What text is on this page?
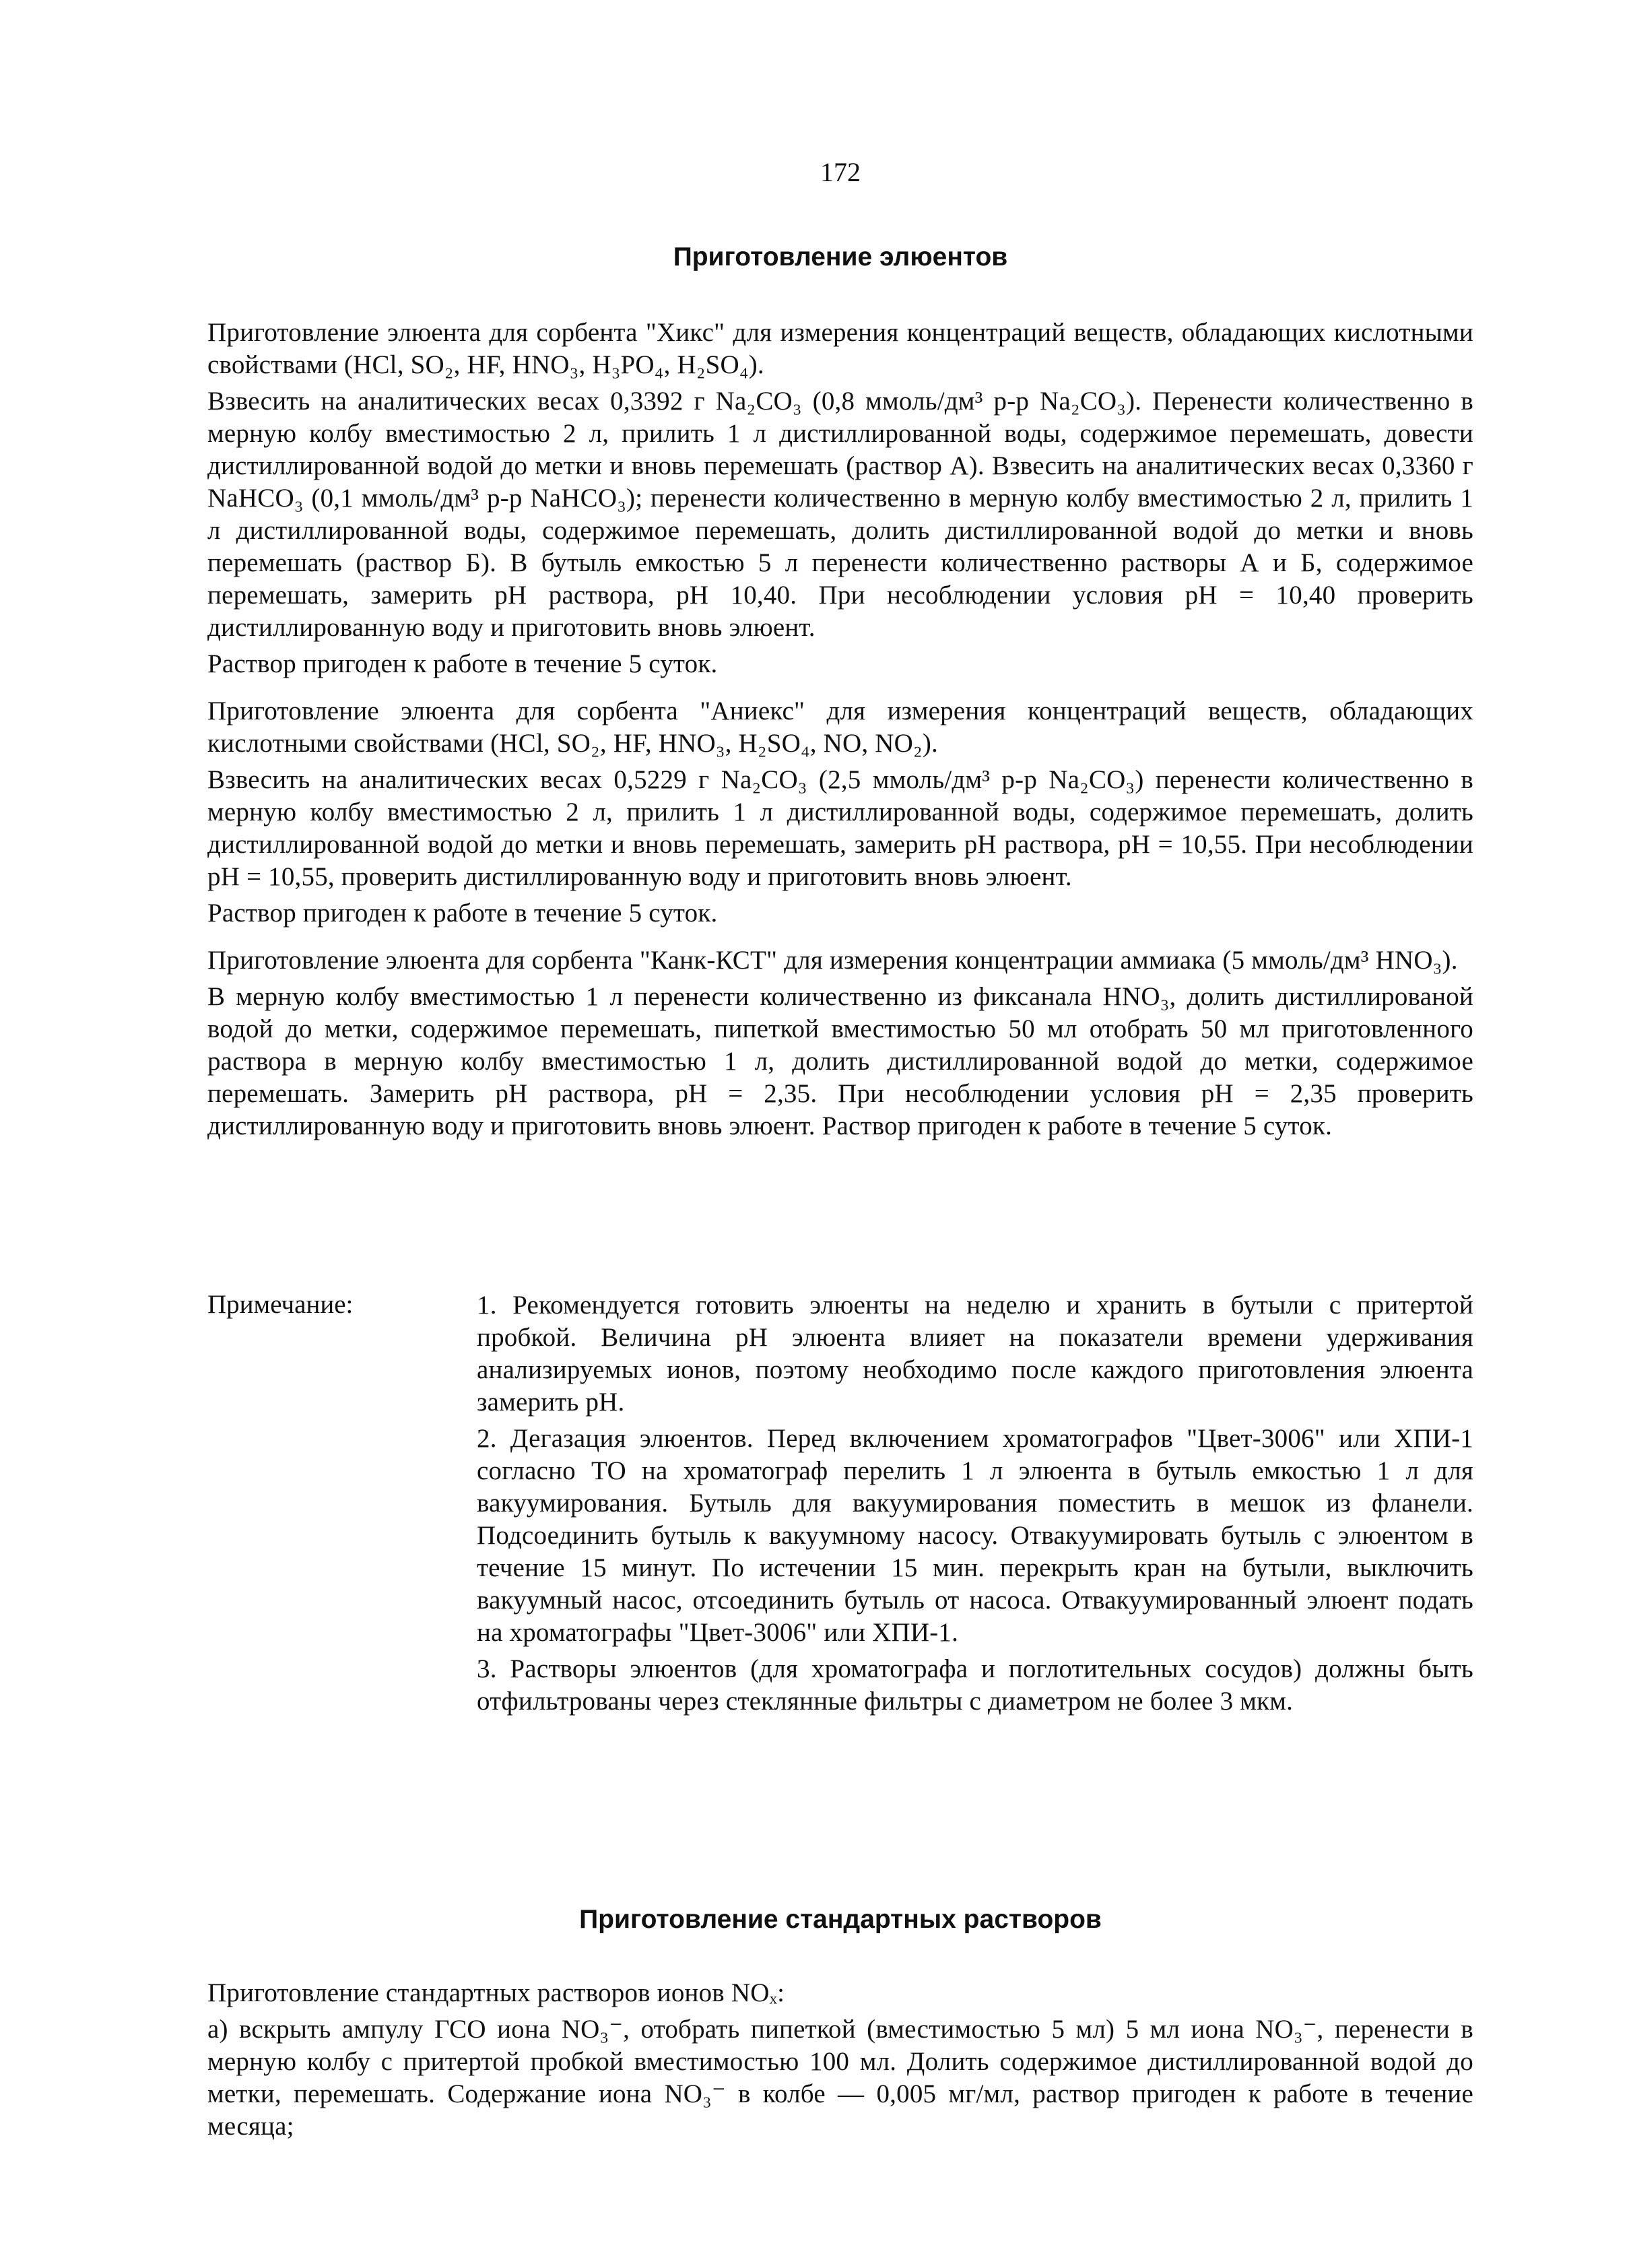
172
Приготовление элюентов

Приготовление элюента для сорбента "Хикс" для измерения концентраций веществ, обладающих кислотными свойствами (HCl, SO₂, HF, HNO₃, H₃PO₄, H₂SO₄).

Взвесить на аналитических весах 0,3392 г Na₂CO₃ (0,8 ммоль/дм³ р-р Na₂CO₃). Перенести количественно в мерную колбу вместимостью 2 л, прилить 1 л дистиллированной воды, содержимое перемешать, довести дистиллированной водой до метки и вновь перемешать (раствор А). Взвесить на аналитических весах 0,3360 г NaHCO₃ (0,1 ммоль/дм³ р-р NaHCO₃); перенести количественно в мерную колбу вместимостью 2 л, прилить 1 л дистиллированной воды, содержимое перемешать, долить дистиллированной водой до метки и вновь перемешать (раствор Б). В бутыль емкостью 5 л перенести количественно растворы А и Б, содержимое перемешать, замерить pH раствора, pH 10,40. При несоблюдении условия pH = 10,40 проверить дистиллированную воду и приготовить вновь элюент.

Раствор пригоден к работе в течение 5 суток.

Приготовление элюента для сорбента "Аниекс" для измерения концентраций веществ, обладающих кислотными свойствами (HCl, SO₂, HF, HNO₃, H₂SO₄, NO, NO₂).

Взвесить на аналитических весах 0,5229 г Na₂CO₃ (2,5 ммоль/дм³ р-р Na₂CO₃) перенести количественно в мерную колбу вместимостью 2 л, прилить 1 л дистиллированной воды, содержимое перемешать, долить дистиллированной водой до метки и вновь перемешать, замерить pH раствора, pH = 10,55. При несоблюдении pH = 10,55, проверить дистиллированную воду и приготовить вновь элюент.

Раствор пригоден к работе в течение 5 суток.

Приготовление элюента для сорбента "Канк-КСТ" для измерения концентрации аммиака (5 ммоль/дм³ HNO₃).

В мерную колбу вместимостью 1 л перенести количественно из фиксанала HNO₃, долить дистиллированой водой до метки, содержимое перемешать, пипеткой вместимостью 50 мл отобрать 50 мл приготовленного раствора в мерную колбу вместимостью 1 л, долить дистиллированной водой до метки, содержимое перемешать. Замерить pH раствора, pH = 2,35. При несоблюдении условия pH = 2,35 проверить дистиллированную воду и приготовить вновь элюент. Раствор пригоден к работе в течение 5 суток.

Примечание:	1. Рекомендуется готовить элюенты на неделю и хранить в бутыли с притертой пробкой. Величина pH элюента влияет на показатели времени удерживания анализируемых ионов, поэтому необходимо после каждого приготовления элюента замерить pH.

2. Дегазация элюентов. Перед включением хроматографов "Цвет-3006" или ХПИ-1 согласно ТО на хроматограф перелить 1 л элюента в бутыль емкостью 1 л для вакуумирования. Бутыль для вакуумирования поместить в мешок из фланели. Подсоединить бутыль к вакуумному насосу. Отвакуумировать бутыль с элюентом в течение 15 минут. По истечении 15 мин. перекрыть кран на бутыли, выключить вакуумный насос, отсоединить бутыль от насоса. Отвакуумированный элюент подать на хроматографы "Цвет-3006" или ХПИ-1.

3. Растворы элюентов (для хроматографа и поглотительных сосудов) должны быть отфильтрованы через стеклянные фильтры с диаметром не более 3 мкм.

Приготовление стандартных растворов

Приготовление стандартных растворов ионов NOₓ:

а) вскрыть ампулу ГСО иона NO₃⁻, отобрать пипеткой (вместимостью 5 мл) 5 мл иона NO₃⁻, перенести в мерную колбу с притертой пробкой вместимостью 100 мл. Долить содержимое дистиллированной водой до метки, перемешать. Содержание иона NO₃⁻ в колбе — 0,005 мг/мл, раствор пригоден к работе в течение месяца;
